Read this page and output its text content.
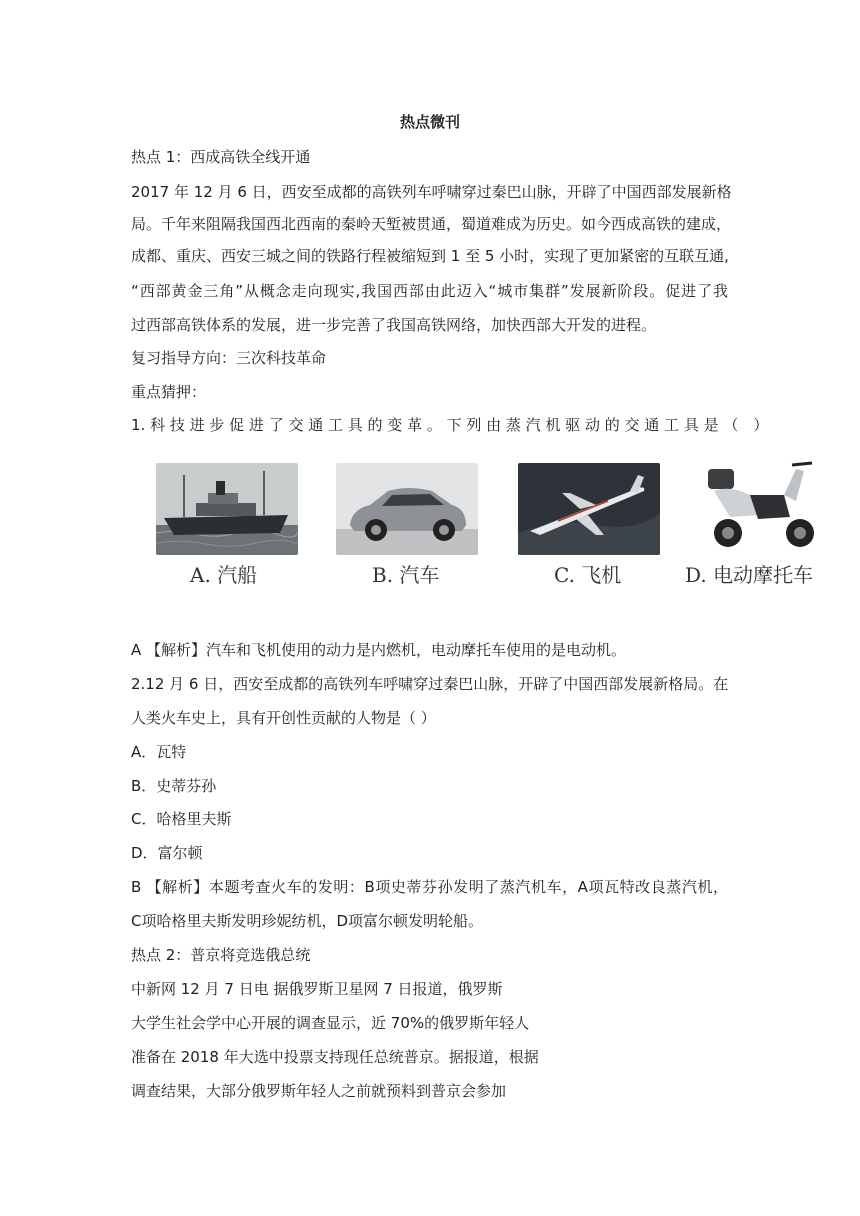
热点微刊
热点 1：西成高铁全线开通
2017 年 12 月 6 日，西安至成都的高铁列车呼啸穿过秦巴山脉，开辟了中国西部发展新格
局。千年来阻隔我国西北西南的秦岭天堑被贯通，蜀道难成为历史。如今西成高铁的建成，
成都、重庆、西安三城之间的铁路行程被缩短到 1 至 5 小时，实现了更加紧密的互联互通,
“西部黄金三角”从概念走向现实,我国西部由此迈入“城市集群”发展新阶段。促进了我
过西部高铁体系的发展，进一步完善了我国高铁网络，加快西部大开发的进程。
复习指导方向：三次科技革命
重点猜押：
1. 科 技 进 步 促 进 了 交 通 工 具 的 变 革 。 下 列 由 蒸 汽 机 驱 动 的 交 通 工 具 是 （　）
A. 汽船	B. 汽车	C. 飞机	D. 电动摩托车
A 【解析】汽车和飞机使用的动力是内燃机，电动摩托车使用的是电动机。
2.12 月 6 日，西安至成都的高铁列车呼啸穿过秦巴山脉，开辟了中国西部发展新格局。在
人类火车史上，具有开创性贡献的人物是（ ）
A．瓦特
B．史蒂芬孙
C．哈格里夫斯
D．富尔顿
B 【解析】本题考查火车的发明：B项史蒂芬孙发明了蒸汽机车，A项瓦特改良蒸汽机，
C项哈格里夫斯发明珍妮纺机，D项富尔顿发明轮船。
热点 2：普京将竞选俄总统
中新网 12 月 7 日电 据俄罗斯卫星网 7 日报道，俄罗斯
大学生社会学中心开展的调查显示，近 70%的俄罗斯年轻人
准备在 2018 年大选中投票支持现任总统普京。据报道，根据
调查结果，大部分俄罗斯年轻人之前就预料到普京会参加
